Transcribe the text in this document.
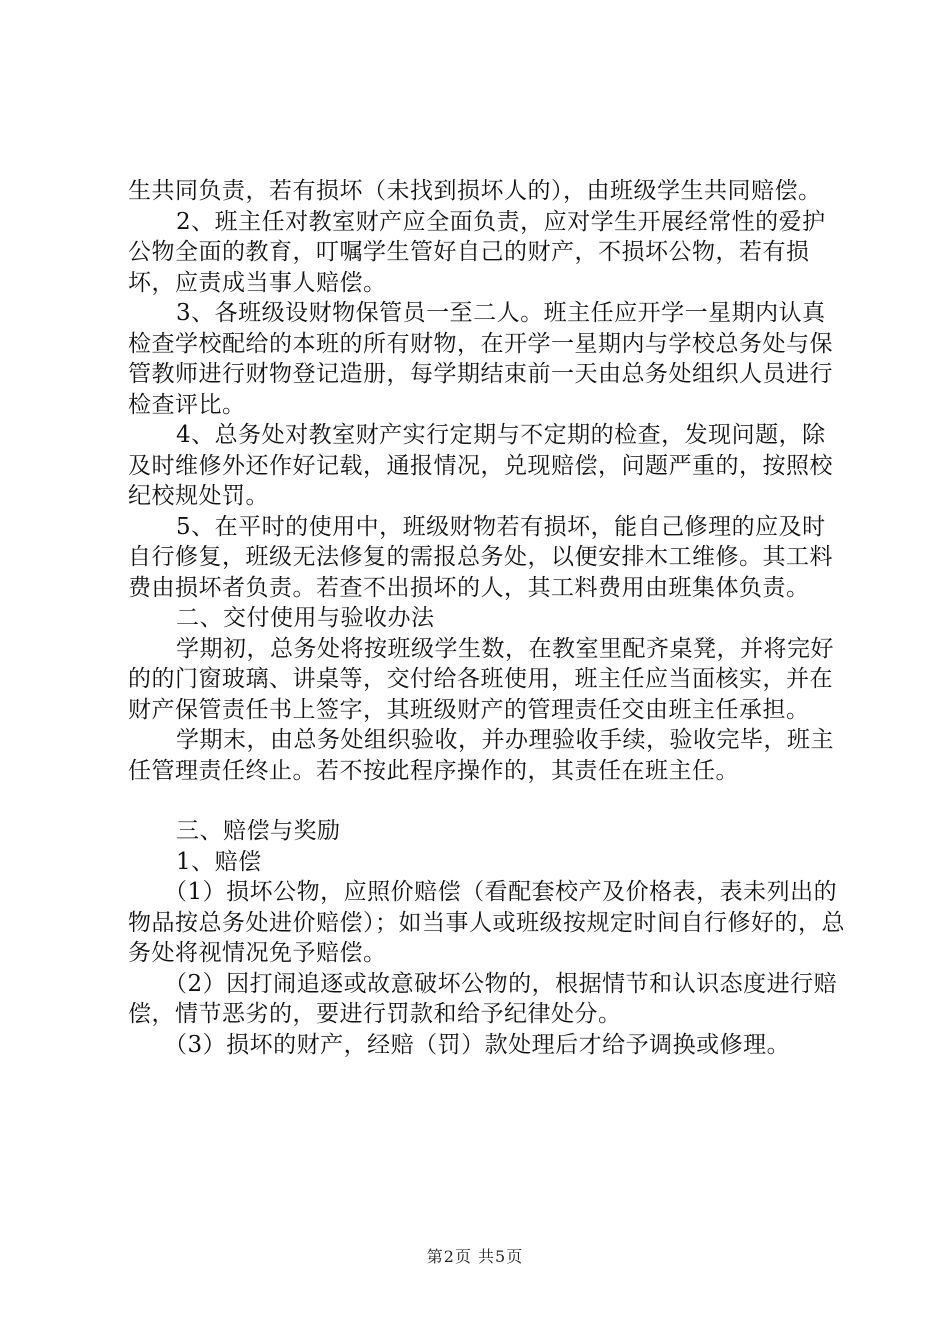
生共同负责，若有损坏（未找到损坏人的），由班级学生共同赔偿。

2、班主任对教室财产应全面负责，应对学生开展经常性的爱护公物全面的教育，叮嘱学生管好自己的财产，不损坏公物，若有损坏，应责成当事人赔偿。

3、各班级设财物保管员一至二人。班主任应开学一星期内认真检查学校配给的本班的所有财物，在开学一星期内与学校总务处与保管教师进行财物登记造册，每学期结束前一天由总务处组织人员进行检查评比。

4、总务处对教室财产实行定期与不定期的检查，发现问题，除及时维修外还作好记载，通报情况，兑现赔偿，问题严重的，按照校纪校规处罚。

5、在平时的使用中，班级财物若有损坏，能自己修理的应及时自行修复，班级无法修复的需报总务处，以便安排木工维修。其工料费由损坏者负责。若查不出损坏的人，其工料费用由班集体负责。

二、交付使用与验收办法

学期初，总务处将按班级学生数，在教室里配齐桌凳，并将完好的的门窗玻璃、讲桌等，交付给各班使用，班主任应当面核实，并在财产保管责任书上签字，其班级财产的管理责任交由班主任承担。

学期末，由总务处组织验收，并办理验收手续，验收完毕，班主任管理责任终止。若不按此程序操作的，其责任在班主任。

三、赔偿与奖励

1、赔偿

（1）损坏公物，应照价赔偿（看配套校产及价格表，表未列出的物品按总务处进价赔偿）；如当事人或班级按规定时间自行修好的，总务处将视情况免予赔偿。

（2）因打闹追逐或故意破坏公物的，根据情节和认识态度进行赔偿，情节恶劣的，要进行罚款和给予纪律处分。

（3）损坏的财产，经赔（罚）款处理后才给予调换或修理。

第2页 共5页
